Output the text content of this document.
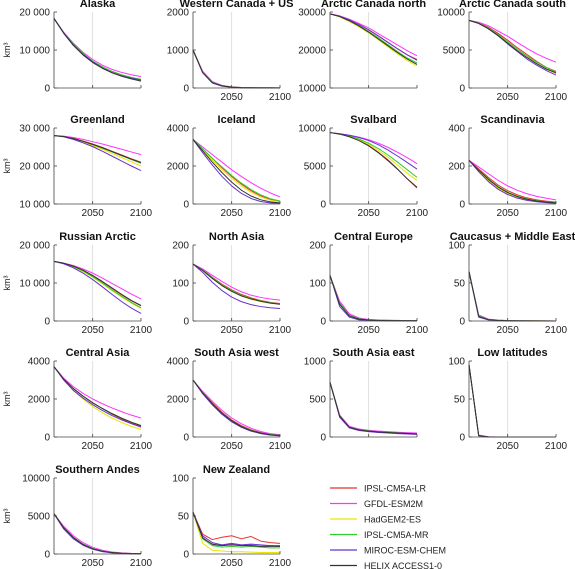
0
10 000
20 000
Alaska
km³
0
1000
2000
2050	2100
Western Canada + US
10000
20000
30000
Arctic Canada north
0
5000
10000
2050	2100
Arctic Canada south
10 000
20 000
30 000
2050	2100
Greenland
km³
0
2000
4000
2050	2100
Iceland
0
5000
10000
2050	2100
Svalbard
0
200
400
2050	2100
Scandinavia
0
10 000
20 000
2050	2100
Russian Arctic
km³
0
100
200
2050	2100
North Asia
0
100
200
2050	2100
Central Europe
0
50
100
2050	2100
Caucasus + Middle East
0
2000
4000
2050	2100
Central Asia
km³
0
2000
4000
2050	2100
South Asia west
0
500
1000
South Asia east
0
50
100
2050	2100
Low latitudes
0
5000
10000
2050	2100
Southern Andes
km³
0
50
100
2050	2100
New Zealand
IPSL-CM5A-LR
GFDL-ESM2M
HadGEM2-ES
IPSL-CM5A-MR
MIROC-ESM-CHEM
HELIX ACCESS1-0
